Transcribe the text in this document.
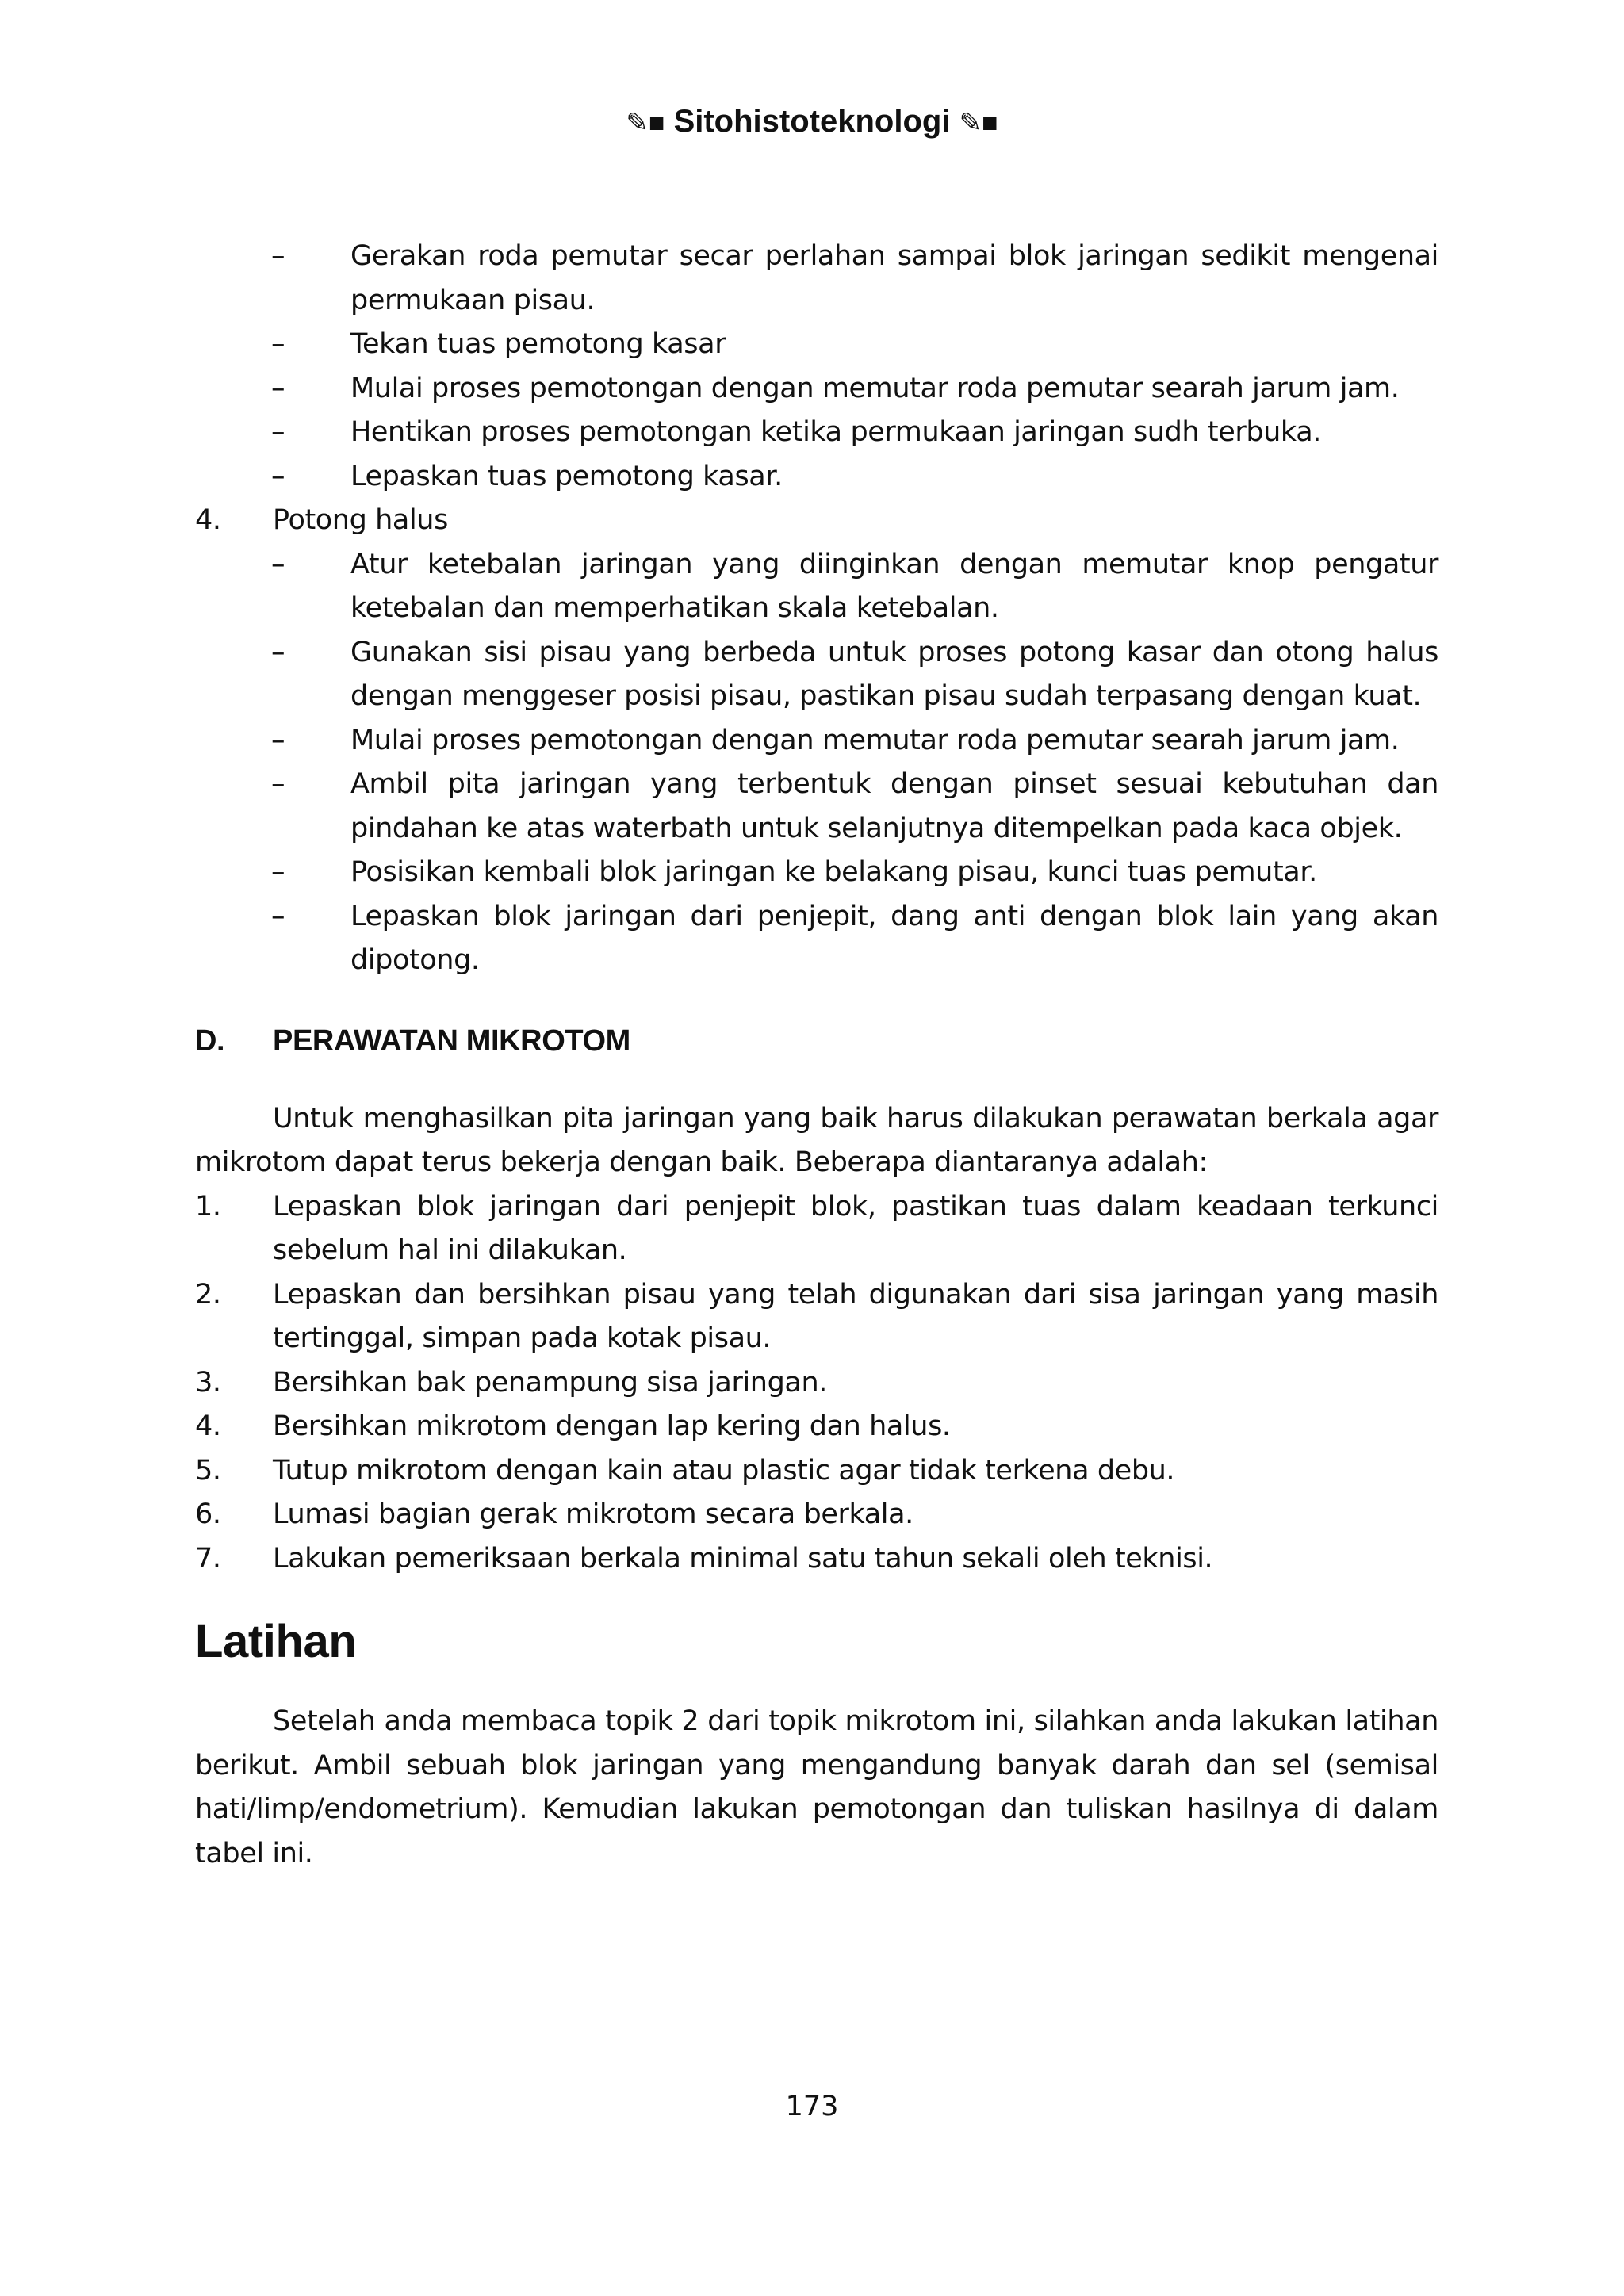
✎■ Sitohistoteknologi ✎■
– Gerakan roda pemutar secar perlahan sampai blok jaringan sedikit mengenai permukaan pisau.
– Tekan tuas pemotong kasar
– Mulai proses pemotongan dengan memutar roda pemutar searah jarum jam.
– Hentikan proses pemotongan ketika permukaan jaringan sudh terbuka.
– Lepaskan tuas pemotong kasar.
4. Potong halus
– Atur ketebalan jaringan yang diinginkan dengan memutar knop pengatur ketebalan dan memperhatikan skala ketebalan.
– Gunakan sisi pisau yang berbeda untuk proses potong kasar dan otong halus dengan menggeser posisi pisau, pastikan pisau sudah terpasang dengan kuat.
– Mulai proses pemotongan dengan memutar roda pemutar searah jarum jam.
– Ambil pita jaringan yang terbentuk dengan pinset sesuai kebutuhan dan pindahan ke atas waterbath untuk selanjutnya ditempelkan pada kaca objek.
– Posisikan kembali blok jaringan ke belakang pisau, kunci tuas pemutar.
– Lepaskan blok jaringan dari penjepit, dang anti dengan blok lain yang akan dipotong.
D. PERAWATAN MIKROTOM
Untuk menghasilkan pita jaringan yang baik harus dilakukan perawatan berkala agar mikrotom dapat terus bekerja dengan baik. Beberapa diantaranya adalah:
1. Lepaskan blok jaringan dari penjepit blok, pastikan tuas dalam keadaan terkunci sebelum hal ini dilakukan.
2. Lepaskan dan bersihkan pisau yang telah digunakan dari sisa jaringan yang masih tertinggal, simpan pada kotak pisau.
3. Bersihkan bak penampung sisa jaringan.
4. Bersihkan mikrotom dengan lap kering dan halus.
5. Tutup mikrotom dengan kain atau plastic agar tidak terkena debu.
6. Lumasi bagian gerak mikrotom secara berkala.
7. Lakukan pemeriksaan berkala minimal satu tahun sekali oleh teknisi.
Latihan
Setelah anda membaca topik 2 dari topik mikrotom ini, silahkan anda lakukan latihan berikut. Ambil sebuah blok jaringan yang mengandung banyak darah dan sel (semisal hati/limp/endometrium). Kemudian lakukan pemotongan dan tuliskan hasilnya di dalam tabel ini.
173
